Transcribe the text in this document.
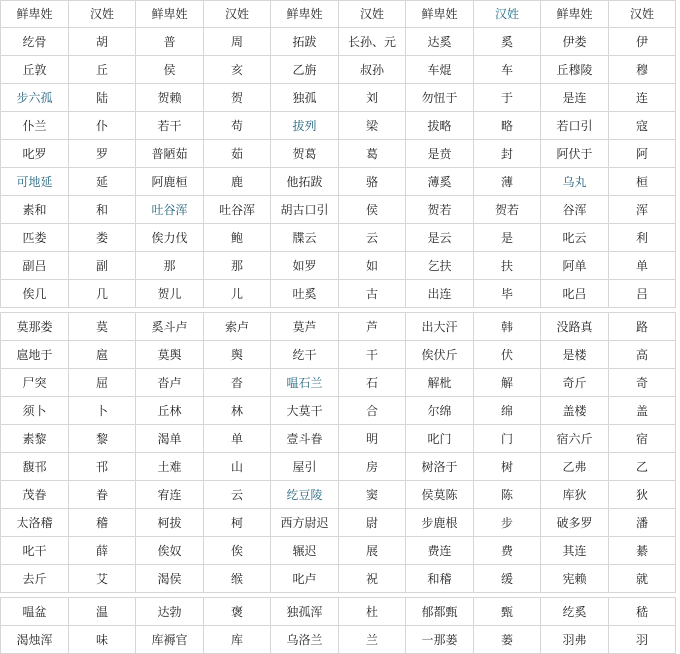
鲜卑姓	汉姓	鲜卑姓	汉姓	鲜卑姓	汉姓	鲜卑姓	汉姓	鲜卑姓	汉姓
纥骨	胡	普	周	拓跋	长孙、元	达奚	奚	伊娄	伊
丘敦	丘	侯	亥	乙旃	叔孙	车焜	车	丘穆陵	穆
步六孤	陆	贺赖	贺	独孤	刘	勿忸于	于	是连	连
仆兰	仆	若干	苟	拔列	梁	拔略	略	若口引	寇
叱罗	罗	普陋茹	茹	贺葛	葛	是贲	封	阿伏于	阿
可地延	延	阿鹿桓	鹿	他拓跋	骆	薄奚	薄	乌丸	桓
素和	和	吐谷浑	吐谷浑	胡古口引	侯	贺若	贺若	谷浑	浑
匹娄	娄	俟力伐	鲍	牒云	云	是云	是	叱云	利
副吕	副	那	那	如罗	如	乞扶	扶	阿单	单
俟几	几	贺儿	儿	吐奚	古	出连	毕	叱吕	吕

莫那娄	莫	奚斗卢	索卢	莫芦	芦	出大汗	韩	没路真	路
扈地于	扈	莫舆	舆	纥干	干	俟伏斤	伏	是楼	高
尸突	屈	沓卢	沓	嗢石兰	石	解枇	解	奇斤	奇
须卜	卜	丘林	林	大莫干	合	尔绵	绵	盖楼	盖
素黎	黎	渴单	单	壹斗眷	明	叱门	门	宿六斤	宿
馥邗	邗	土难	山	屋引	房	树洛于	树	乙弗	乙
茂眷	眷	宥连	云	纥豆陵	窦	侯莫陈	陈	库狄	狄
太洛稽	稽	柯拔	柯	西方尉迟	尉	步鹿根	步	破多罗	潘
叱干	薛	俟奴	俟	辗迟	展	费连	费	其连	綦
去斤	艾	渴侯	缑	叱卢	祝	和稽	缓	宪赖	就

嗢盆	温	达勃	褒	独孤浑	杜	郁都甄	甄	纥奚	嵇
渴烛浑	味	库褥官	库	乌洛兰	兰	一那蒌	蒌	羽弗	羽
